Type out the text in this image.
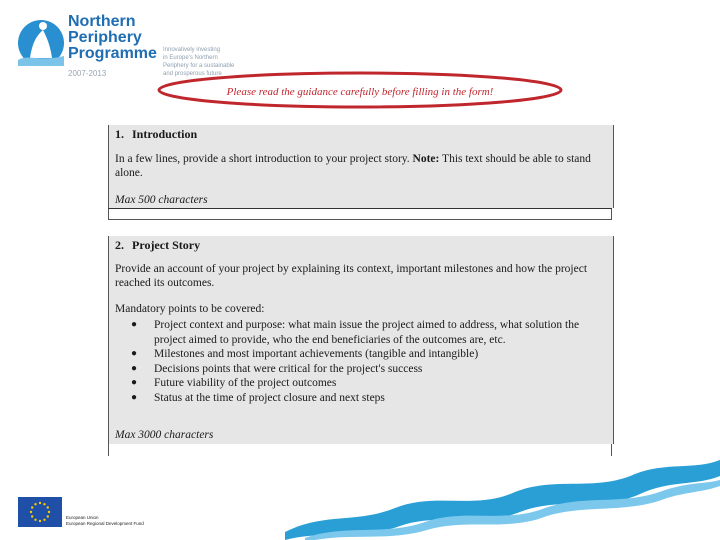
Northern
Periphery
Programme
2007-2013
Innovatively investing
in Europe's Northern
Periphery for a sustainable
and prosperous future
Please read the guidance carefully before filling in the form!
1. Introduction
In a few lines, provide a short introduction to your project story. Note: This text should be able to stand alone.
Max 500 characters
2. Project Story
Provide an account of your project by explaining its context, important milestones and how the project reached its outcomes.
Mandatory points to be covered:
● Project context and purpose: what main issue the project aimed to address, what solution the project aimed to provide, who the end beneficiaries of the outcomes are, etc.
● Milestones and most important achievements (tangible and intangible)
● Decisions points that were critical for the project's success
● Future viability of the project outcomes
● Status at the time of project closure and next steps
Max 3000 characters
European Union
European Regional Development Fund
